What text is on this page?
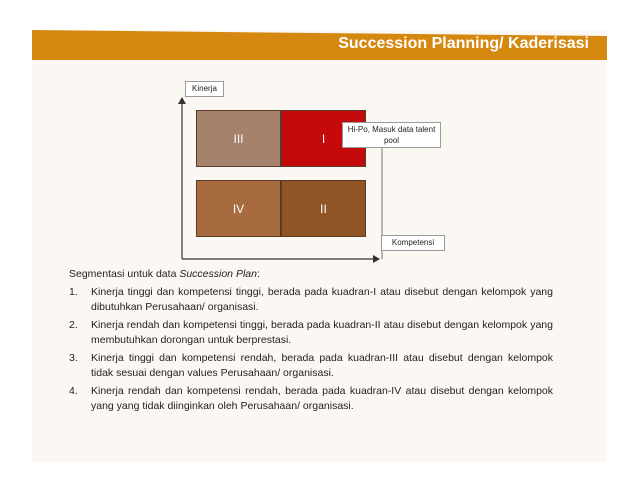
Succession Planning/ Kaderisasi
Kinerja
III	I
IV	II
Hi-Po, Masuk data talent pool
Kompetensi
Segmentasi untuk data Succession Plan:
1.	Kinerja tinggi dan kompetensi tinggi, berada pada kuadran-I atau disebut dengan kelompok yang dibutuhkan Perusahaan/ organisasi.
2.	Kinerja rendah dan kompetensi tinggi, berada pada kuadran-II atau disebut dengan kelompok yang membutuhkan dorongan untuk berprestasi.
3.	Kinerja tinggi dan kompetensi rendah, berada pada kuadran-III atau disebut dengan kelompok tidak sesuai dengan values Perusahaan/ organisasi.
4.	Kinerja rendah dan kompetensi rendah, berada pada kuadran-IV atau disebut dengan kelompok yang yang tidak diinginkan oleh Perusahaan/ organisasi.
